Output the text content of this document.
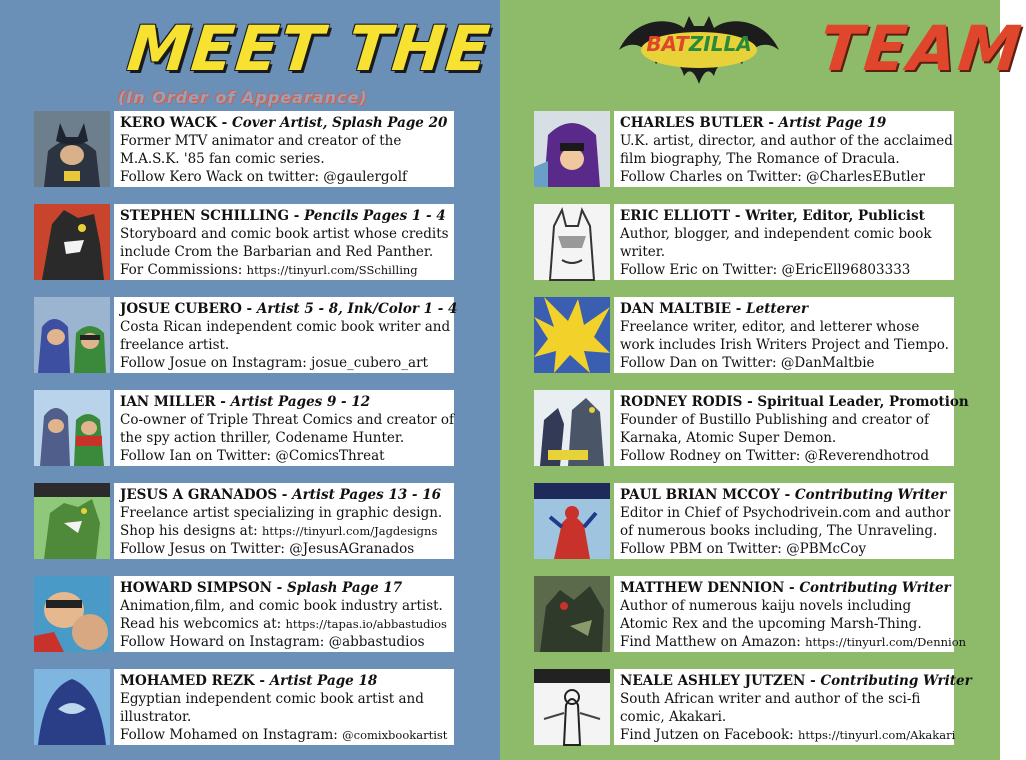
MEET THE
(In Order of Appearance)
BATZILLA	TEAM
KERO WACK - Cover Artist, Splash Page 20
Former MTV animator and creator of the
M.A.S.K. '85 fan comic series.
Follow Kero Wack on twitter: @gaulergolf
STEPHEN SCHILLING - Pencils Pages 1 - 4
Storyboard and comic book artist whose credits
include Crom the Barbarian and Red Panther.
For Commissions: https://tinyurl.com/SSchilling
JOSUE CUBERO - Artist 5 - 8, Ink/Color 1 - 4
Costa Rican independent comic book writer and
freelance artist.
Follow Josue on Instagram: josue_cubero_art
IAN MILLER - Artist Pages 9 - 12
Co-owner of Triple Threat Comics and creator of
the spy action thriller, Codename Hunter.
Follow Ian on Twitter: @ComicsThreat
JESUS A GRANADOS - Artist Pages 13 - 16
Freelance artist specializing in graphic design.
Shop his designs at: https://tinyurl.com/Jagdesigns
Follow Jesus on Twitter: @JesusAGranados
HOWARD SIMPSON - Splash Page 17
Animation,film, and comic book industry artist.
Read his webcomics at: https://tapas.io/abbastudios
Follow Howard on Instagram: @abbastudios
MOHAMED REZK - Artist Page 18
Egyptian independent comic book artist and
illustrator.
Follow Mohamed on Instagram: @comixbookartist
CHARLES BUTLER - Artist Page 19
U.K. artist, director, and author of the acclaimed
film biography, The Romance of Dracula.
Follow Charles on Twitter: @CharlesEButler
ERIC ELLIOTT - Writer, Editor, Publicist
Author, blogger, and independent comic book
writer.
Follow Eric on Twitter: @EricEll96803333
DAN MALTBIE - Letterer
Freelance writer, editor, and letterer whose
work includes Irish Writers Project and Tiempo.
Follow Dan on Twitter: @DanMaltbie
RODNEY RODIS - Spiritual Leader, Promotion
Founder of Bustillo Publishing and creator of
Karnaka, Atomic Super Demon.
Follow Rodney on Twitter: @Reverendhotrod
PAUL BRIAN MCCOY - Contributing Writer
Editor in Chief of Psychodrivein.com and author
of numerous books including, The Unraveling.
Follow PBM on Twitter: @PBMcCoy
MATTHEW DENNION - Contributing Writer
Author of numerous kaiju novels including
Atomic Rex and the upcoming Marsh-Thing.
Find Matthew on Amazon: https://tinyurl.com/Dennion
NEALE ASHLEY JUTZEN - Contributing Writer
South African writer and author of the sci-fi
comic, Akakari.
Find Jutzen on Facebook: https://tinyurl.com/Akakari
